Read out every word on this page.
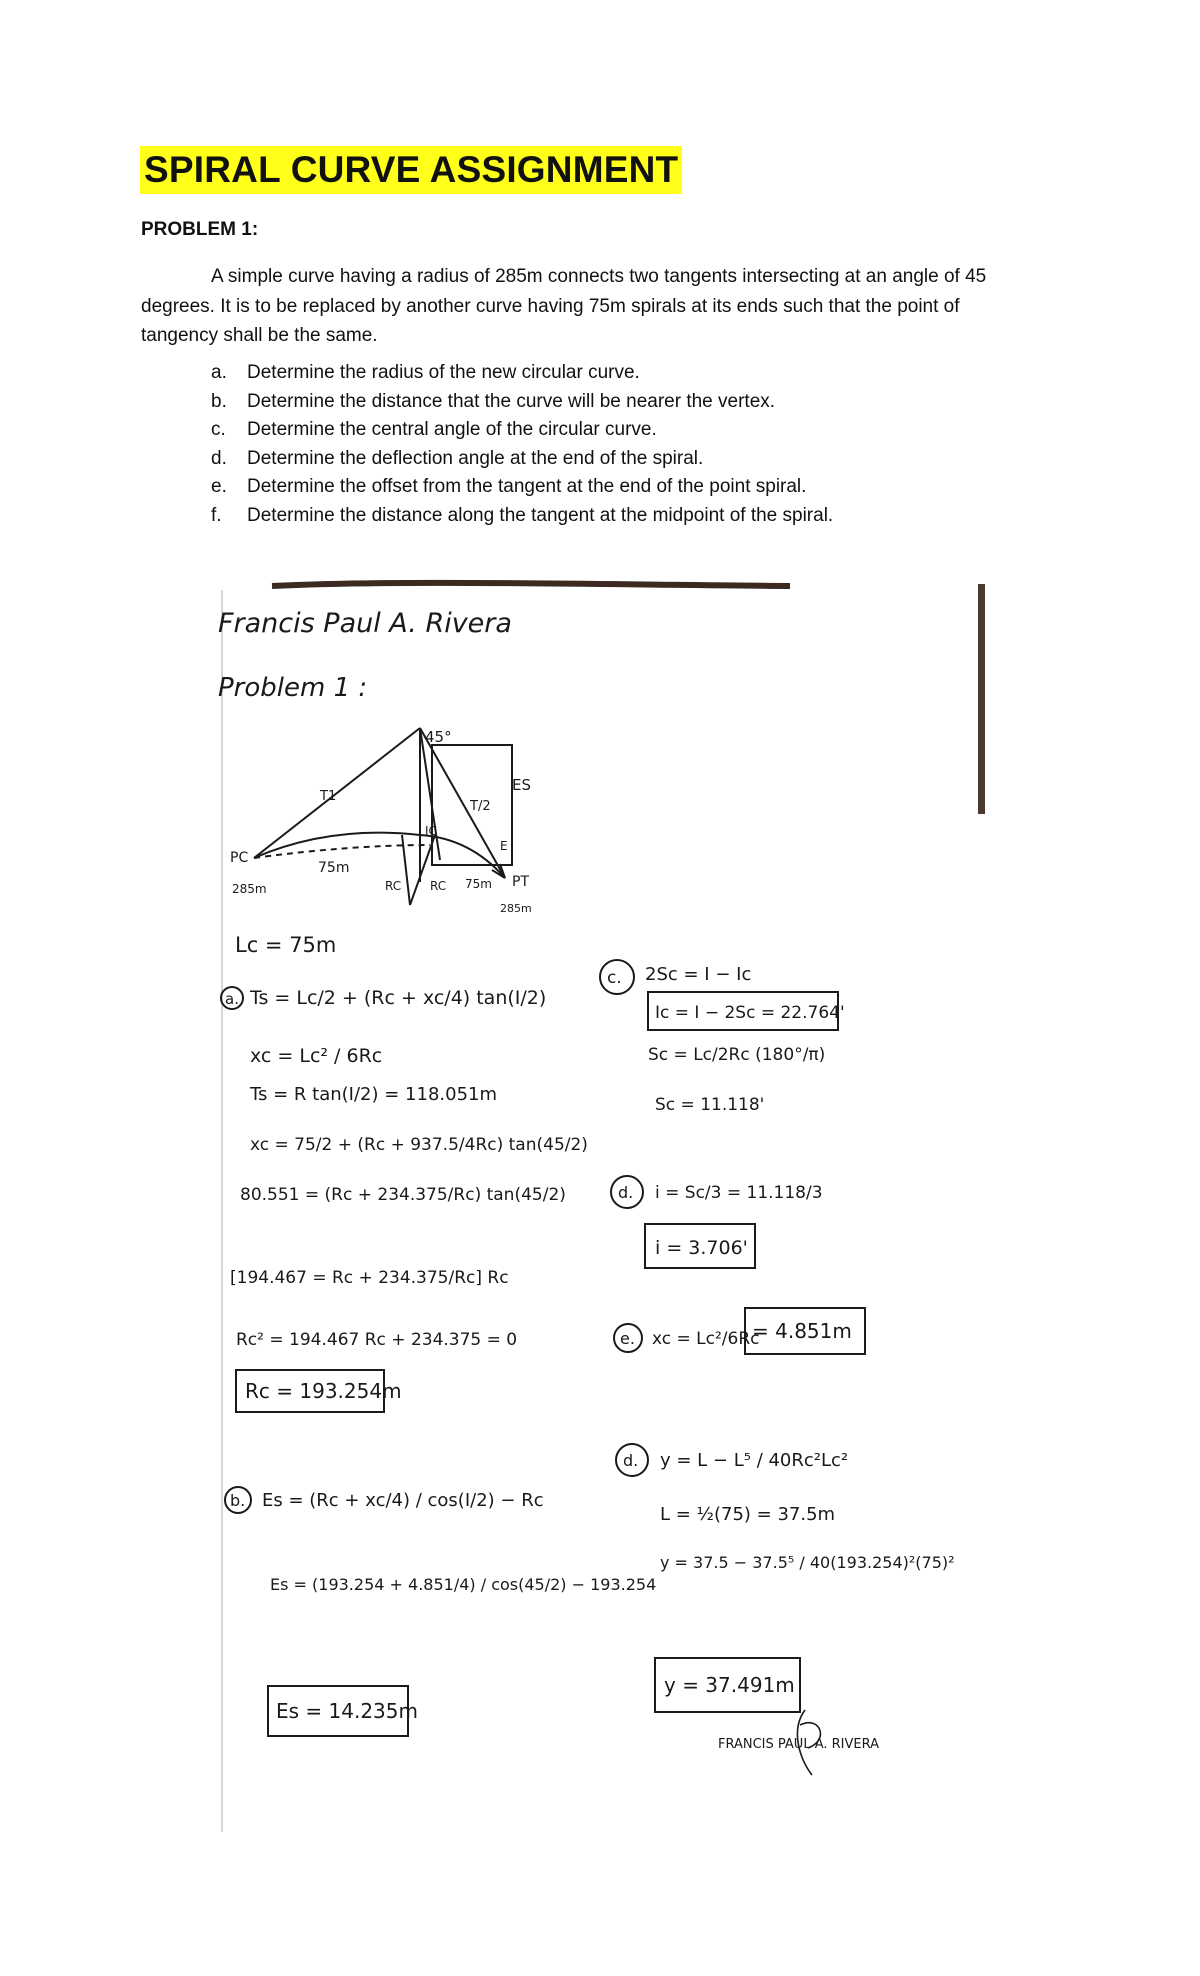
SPIRAL CURVE ASSIGNMENT
PROBLEM 1:
A simple curve having a radius of 285m connects two tangents intersecting at an angle of 45 degrees. It is to be replaced by another curve having 75m spirals at its ends such that the point of tangency shall be the same.
a. Determine the radius of the new circular curve.
b. Determine the distance that the curve will be nearer the vertex.
c. Determine the central angle of the circular curve.
d. Determine the deflection angle at the end of the spiral.
e. Determine the offset from the tangent at the end of the point spiral.
f. Determine the distance along the tangent at the midpoint of the spiral.
Francis Paul A. Rivera
Problem 1 :
45°
T1
T/2
ES
IC
E
PC
285m
75m
RC RC 75m PT
285m
Lc = 75m
a. Ts = Lc/2 + (Rc + xc/4) tan(I/2)
xc = Lc² / 6Rc
Ts = R tan(I/2) = 118.051m
xc = 75/2 + (Rc + 937.5/4Rc) tan(45/2)
80.551 = (Rc + 234.375/Rc) tan(45/2)
[194.467 = Rc + 234.375/Rc] Rc
Rc² = 194.467 Rc + 234.375 = 0
Rc = 193.254m
b. Es = (Rc + xc/4) / cos(I/2) − Rc
Es = (193.254 + 4.851/4) / cos(45/2) − 193.254
Es = 14.235m
c. 2Sc = I − Ic
Ic = I − 2Sc = 22.764'
Sc = Lc/2Rc (180°/π)
Sc = 11.118'
d. i = Sc/3 = 11.118/3
i = 3.706'
e. xc = Lc²/6Rc
= 4.851m
d. y = L − L⁵ / 40Rc²Lc²
L = ½(75) = 37.5m
y = 37.5 − 37.5⁵ / 40(193.254)²(75)²
y = 37.491m
FRANCIS PAUL A. RIVERA
